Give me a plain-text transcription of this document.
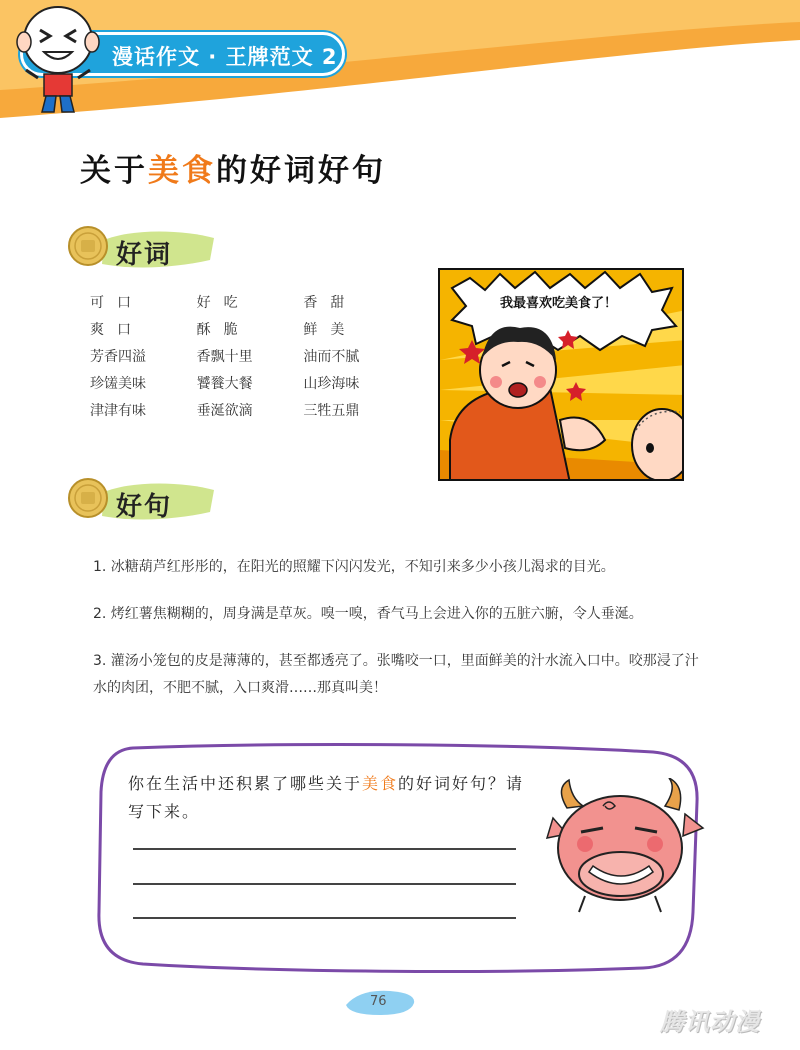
漫话作文 · 王牌范文 2
关于美食的好词好句
好词
可口	好吃	香甜
爽口	酥脆	鲜美
芳香四溢	香飘十里	油而不腻
珍馐美味	饕餮大餐	山珍海味
津津有味	垂涎欲滴	三牲五鼎
我最喜欢吃美食了！
好句

1. 冰糖葫芦红彤彤的，在阳光的照耀下闪闪发光，不知引来多少小孩儿渴求的目光。

2. 烤红薯焦糊糊的，周身满是草灰。嗅一嗅，香气马上会进入你的五脏六腑，令人垂涎。

3. 灌汤小笼包的皮是薄薄的，甚至都透亮了。张嘴咬一口，里面鲜美的汁水流入口中。咬那浸了汁水的肉团，不肥不腻，入口爽滑……那真叫美！

你在生活中还积累了哪些关于美食的好词好句？请写下来。
76
腾讯动漫
